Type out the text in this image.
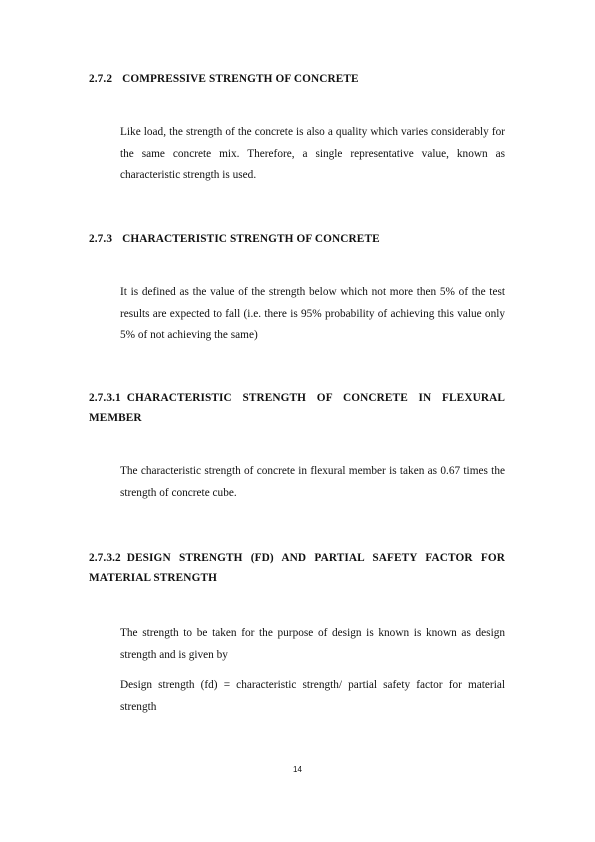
2.7.2 COMPRESSIVE STRENGTH OF CONCRETE
Like load, the strength of the concrete is also a quality which varies considerably for the same concrete mix. Therefore, a single representative value, known as characteristic strength is used.
2.7.3 CHARACTERISTIC STRENGTH OF CONCRETE
It is defined as the value of the strength below which not more then 5% of the test results are expected to fall (i.e. there is 95% probability of achieving this value only 5% of not achieving the same)
2.7.3.1 CHARACTERISTIC STRENGTH OF CONCRETE IN FLEXURAL MEMBER
The characteristic strength of concrete in flexural member is taken as 0.67 times the strength of concrete cube.
2.7.3.2 DESIGN STRENGTH (FD) AND PARTIAL SAFETY FACTOR FOR MATERIAL STRENGTH
The strength to be taken for the purpose of design is known is known as design strength and is given by
Design strength (fd) = characteristic strength/ partial safety factor for material strength
14
